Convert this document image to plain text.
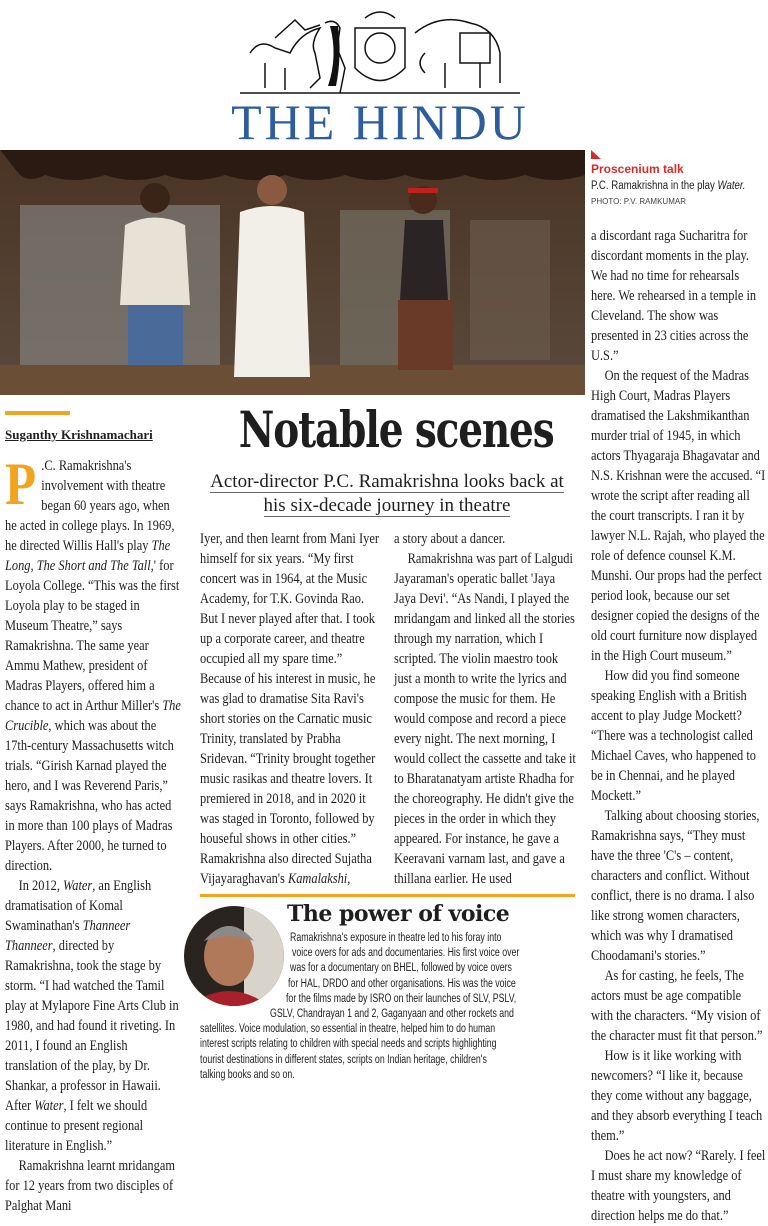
THE HINDU
Proscenium talk
P.C. Ramakrishna in the play Water.
PHOTO: P.V. RAMKUMAR
Suganthy Krishnamachari Notable scenes
Actor-director P.C. Ramakrishna looks back at his six-decade journey in theatre

P .C. Ramakrishna's involvement with theatre began 60 years ago, when he acted in college plays. In 1969, he directed Willis Hall's play The Long, The Short and The Tall,' for Loyola College. “This was the first Loyola play to be staged in Museum Theatre,” says Ramakrishna. The same year Ammu Mathew, president of Madras Players, offered him a chance to act in Arthur Miller's The Crucible, which was about the 17th-century Massachusetts witch trials. “Girish Karnad played the hero, and I was Reverend Paris,” says Ramakrishna, who has acted in more than 100 plays of Madras Players. After 2000, he turned to direction.

In 2012, Water, an English dramatisation of Komal Swaminathan's Thanneer Thanneer, directed by Ramakrishna, took the stage by storm. “I had watched the Tamil play at Mylapore Fine Arts Club in 1980, and had found it riveting. In 2011, I found an English translation of the play, by Dr. Shankar, a professor in Hawaii. After Water, I felt we should continue to present regional literature in English.”

Ramakrishna learnt mridangam for 12 years from two disciples of Palghat Mani

Iyer, and then learnt from Mani Iyer himself for six years. “My first concert was in 1964, at the Music Academy, for T.K. Govinda Rao. But I never played after that. I took up a corporate career, and theatre occupied all my spare time.” Because of his interest in music, he was glad to dramatise Sita Ravi's short stories on the Carnatic music Trinity, translated by Prabha Sridevan. “Trinity brought together music rasikas and theatre lovers. It premiered in 2018, and in 2020 it was staged in Toronto, followed by houseful shows in other cities.” Ramakrishna also directed Sujatha Vijayaraghavan's Kamalakshi,

a story about a dancer.

Ramakrishna was part of Lalgudi Jayaraman's operatic ballet 'Jaya Jaya Devi'. “As Nandi, I played the mridangam and linked all the stories through my narration, which I scripted. The violin maestro took just a month to write the lyrics and compose the music for them. He would compose and record a piece every night. The next morning, I would collect the cassette and take it to Bharatanatyam artiste Rhadha for the choreography. He didn't give the pieces in the order in which they appeared. For instance, he gave a Keeravani varnam last, and gave a thillana earlier. He used

a discordant raga Sucharitra for discordant moments in the play. We had no time for rehearsals here. We rehearsed in a temple in Cleveland. The show was presented in 23 cities across the U.S.”

On the request of the Madras High Court, Madras Players dramatised the Lakshmikanthan murder trial of 1945, in which actors Thyagaraja Bhagavatar and N.S. Krishnan were the accused. “I wrote the script after reading all the court transcripts. I ran it by lawyer N.L. Rajah, who played the role of defence counsel K.M. Munshi. Our props had the perfect period look, because our set designer copied the designs of the old court furniture now displayed in the High Court museum.”

How did you find someone speaking English with a British accent to play Judge Mockett? “There was a technologist called Michael Caves, who happened to be in Chennai, and he played Mockett.”

Talking about choosing stories, Ramakrishna says, “They must have the three 'C's – content, characters and conflict. Without conflict, there is no drama. I also like strong women characters, which was why I dramatised Choodamani's stories.”

As for casting, he feels, The actors must be age compatible with the characters. “My vision of the character must fit that person.”

How is it like working with newcomers? “I like it, because they come without any baggage, and they absorb everything I teach them.”

Does he act now? “Rarely. I feel I must share my knowledge of theatre with youngsters, and direction helps me do that.”

The power of voice
Ramakrishna's exposure in theatre led to his foray into
voice overs for ads and documentaries. His first voice over
was for a documentary on BHEL, followed by voice overs
for HAL, DRDO and other organisations. His was the voice
for the films made by ISRO on their launches of SLV, PSLV,
GSLV, Chandrayan 1 and 2, Gaganyaan and other rockets and
satellites. Voice modulation, so essential in theatre, helped him to do human
interest scripts relating to children with special needs and scripts highlighting
tourist destinations in different states, scripts on Indian heritage, children's
talking books and so on.
